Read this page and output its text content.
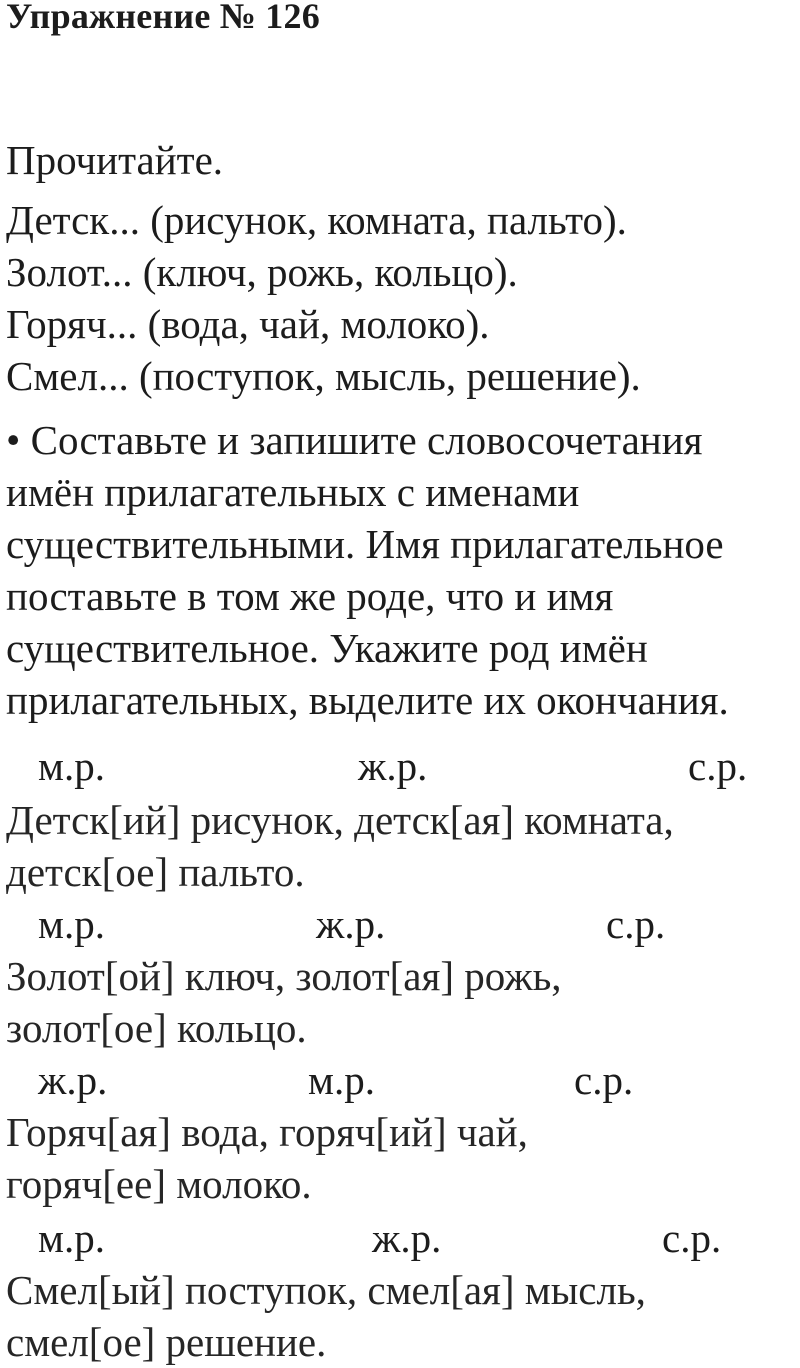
Упражнение № 126
Прочитайте.
Детск... (рисунок, комната, пальто).
Золот... (ключ, рожь, кольцо).
Горяч... (вода, чай, молоко).
Смел... (поступок, мысль, решение).
• Составьте и запишите словосочетания
имён прилагательных с именами
существительными. Имя прилагательное
поставьте в том же роде, что и имя
существительное. Укажите род имён
прилагательных, выделите их окончания.
м.р.	ж.р.	с.р.
Детск[ий] рисунок, детск[ая] комната,
детск[ое] пальто.
м.р.	ж.р.	с.р.
Золот[ой] ключ, золот[ая] рожь,
золот[ое] кольцо.
ж.р.	м.р.	с.р.
Горяч[ая] вода, горяч[ий] чай,
горяч[ее] молоко.
м.р.	ж.р.	с.р.
Смел[ый] поступок, смел[ая] мысль,
смел[ое] решение.
